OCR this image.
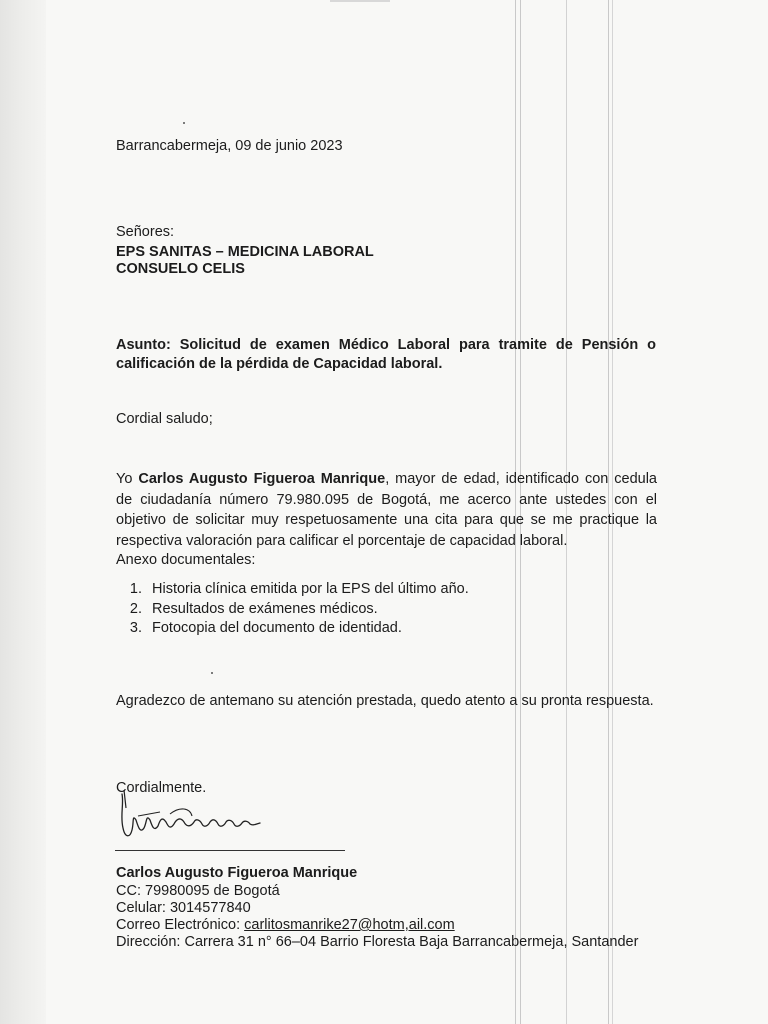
Barrancabermeja, 09 de junio 2023
Señores:
EPS SANITAS – MEDICINA LABORAL
CONSUELO CELIS
Asunto: Solicitud de examen Médico Laboral para tramite de Pensión o calificación de la pérdida de Capacidad laboral.
Cordial saludo;
Yo Carlos Augusto Figueroa Manrique, mayor de edad, identificado con cedula de ciudadanía número 79.980.095 de Bogotá, me acerco ante ustedes con el objetivo de solicitar muy respetuosamente una cita para que se me practique la respectiva valoración para calificar el porcentaje de capacidad laboral.
Anexo documentales:
1. Historia clínica emitida por la EPS del último año.
2. Resultados de exámenes médicos.
3. Fotocopia del documento de identidad.
Agradezco de antemano su atención prestada, quedo atento a su pronta respuesta.
Cordialmente.
Carlos Augusto Figueroa Manrique
CC: 79980095 de Bogotá
Celular: 3014577840
Correo Electrónico: carlitosmanrike27@hotm,ail.com
Dirección: Carrera 31 n° 66–04 Barrio Floresta Baja Barrancabermeja, Santander
